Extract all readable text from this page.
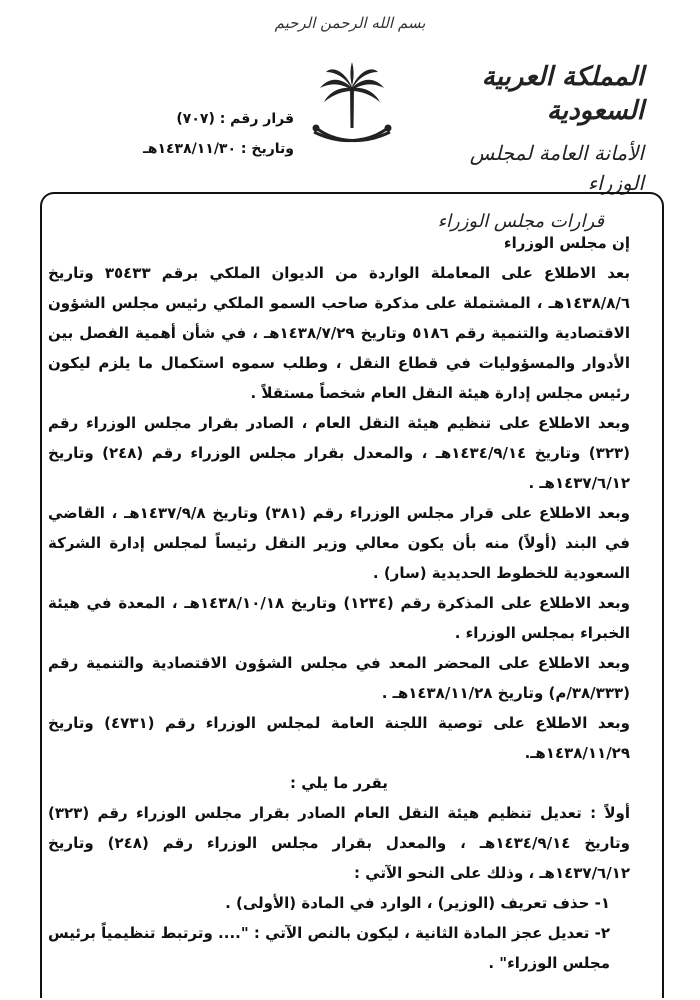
بسم الله الرحمن الرحيم
المملكة العربية السعودية
الأمانة العامة لمجلس الوزراء
قرارات مجلس الوزراء
قرار رقم : (٧٠٧)
وتاريخ : ١٤٣٨/١١/٣٠هـ

إن مجلس الوزراء

بعد الاطلاع على المعاملة الواردة من الديوان الملكي برقم ٣٥٤٣٣ وتاريخ ١٤٣٨/٨/٦هـ ، المشتملة على مذكرة صاحب السمو الملكي رئيس مجلس الشؤون الاقتصادية والتنمية رقم ٥١٨٦ وتاريخ ١٤٣٨/٧/٢٩هـ ، في شأن أهمية الفصل بين الأدوار والمسؤوليات في قطاع النقل ، وطلب سموه استكمال ما يلزم ليكون رئيس مجلس إدارة هيئة النقل العام شخصاً مستقلاً .

وبعد الاطلاع على تنظيم هيئة النقل العام ، الصادر بقرار مجلس الوزراء رقم (٣٢٣) وتاريخ ١٤٣٤/٩/١٤هـ ، والمعدل بقرار مجلس الوزراء رقم (٢٤٨) وتاريخ ١٤٣٧/٦/١٢هـ .

وبعد الاطلاع على قرار مجلس الوزراء رقم (٣٨١) وتاريخ ١٤٣٧/٩/٨هـ ، القاضي في البند (أولاً) منه بأن يكون معالي وزير النقل رئيساً لمجلس إدارة الشركة السعودية للخطوط الحديدية (سار) .

وبعد الاطلاع على المذكرة رقم (١٢٣٤) وتاريخ ١٤٣٨/١٠/١٨هـ ، المعدة في هيئة الخبراء بمجلس الوزراء .

وبعد الاطلاع على المحضر المعد في مجلس الشؤون الاقتصادية والتنمية رقم (٣٨/٣٣٣/م) وتاريخ ١٤٣٨/١١/٢٨هـ .

وبعد الاطلاع على توصية اللجنة العامة لمجلس الوزراء رقم (٤٧٣١) وتاريخ ١٤٣٨/١١/٢٩هـ.

يقرر ما يلي :

أولاً : تعديل تنظيم هيئة النقل العام الصادر بقرار مجلس الوزراء رقم (٣٢٣) وتاريخ ١٤٣٤/٩/١٤هـ ، والمعدل بقرار مجلس الوزراء رقم (٢٤٨) وتاريخ ١٤٣٧/٦/١٢هـ ، وذلك على النحو الآتي :

١- حذف تعريف (الوزير) ، الوارد في المادة (الأولى) .

٢- تعديل عجز المادة الثانية ، ليكون بالنص الآتي : ".... وترتبط تنظيمياً برئيس مجلس الوزراء" .
